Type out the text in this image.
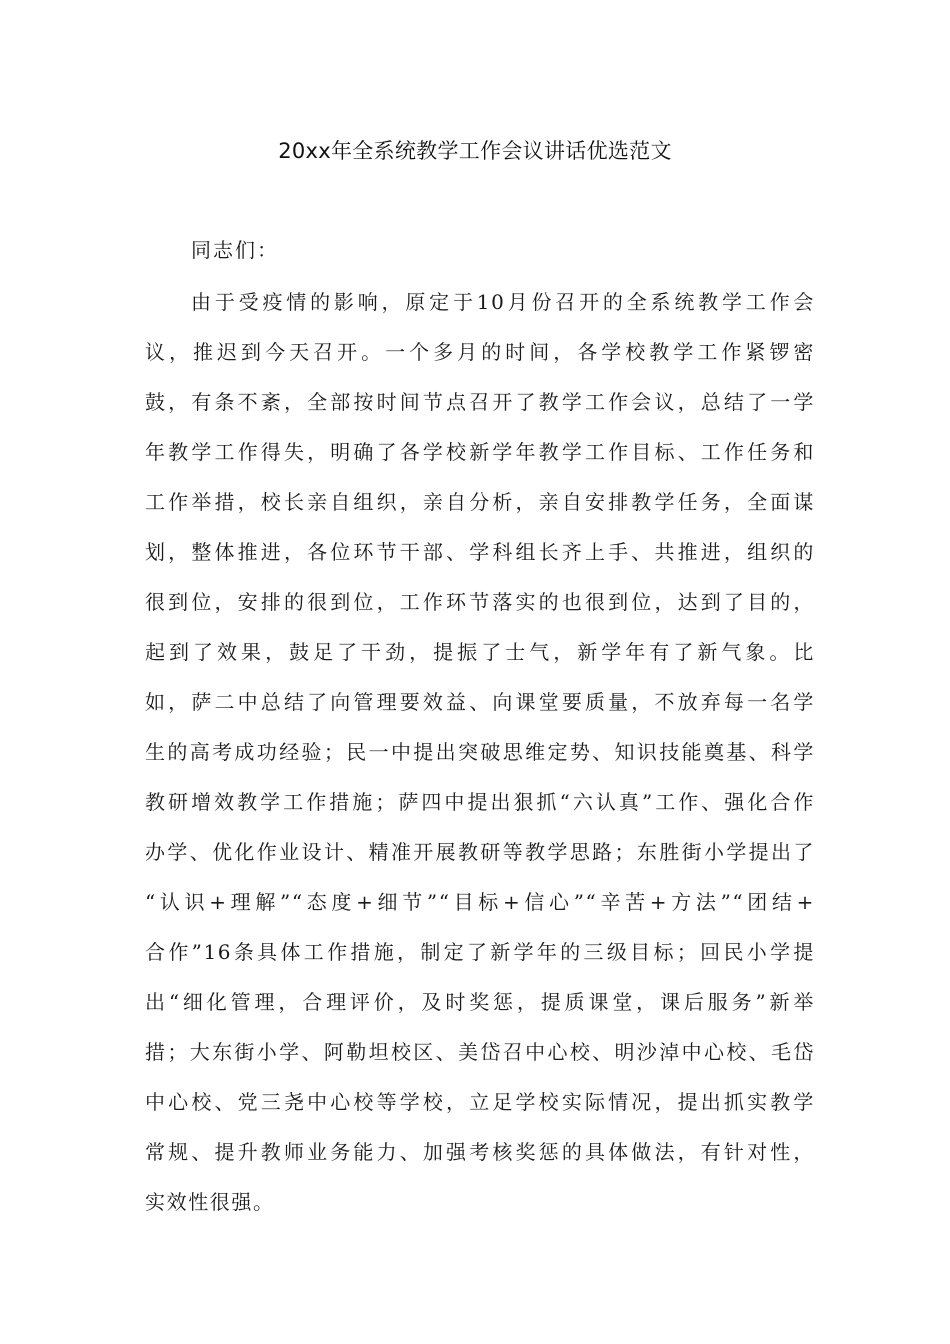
20xx年全系统教学工作会议讲话优选范文
同志们：
由于受疫情的影响，原定于10月份召开的全系统教学工作会
议，推迟到今天召开。一个多月的时间，各学校教学工作紧锣密
鼓，有条不紊，全部按时间节点召开了教学工作会议，总结了一学
年教学工作得失，明确了各学校新学年教学工作目标、工作任务和
工作举措，校长亲自组织，亲自分析，亲自安排教学任务，全面谋
划，整体推进，各位环节干部、学科组长齐上手、共推进，组织的
很到位，安排的很到位，工作环节落实的也很到位，达到了目的，
起到了效果，鼓足了干劲，提振了士气，新学年有了新气象。比
如，萨二中总结了向管理要效益、向课堂要质量，不放弃每一名学
生的高考成功经验；民一中提出突破思维定势、知识技能奠基、科学
教研增效教学工作措施；萨四中提出狠抓“六认真”工作、强化合作
办学、优化作业设计、精准开展教研等教学思路；东胜街小学提出了
“认识+理解”“态度+细节”“目标+信心”“辛苦+方法”“团结+
合作”16条具体工作措施，制定了新学年的三级目标；回民小学提
出“细化管理，合理评价，及时奖惩，提质课堂，课后服务”新举
措；大东街小学、阿勒坦校区、美岱召中心校、明沙淖中心校、毛岱
中心校、党三尧中心校等学校，立足学校实际情况，提出抓实教学
常规、提升教师业务能力、加强考核奖惩的具体做法，有针对性，
实效性很强。
